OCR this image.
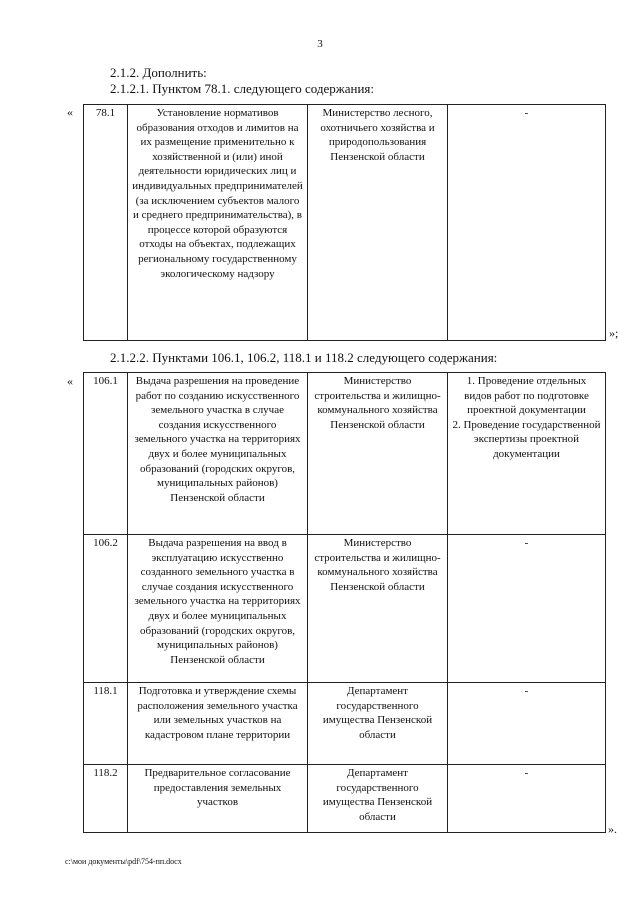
3
2.1.2. Дополнить:
2.1.2.1. Пунктом 78.1. следующего содержания:
« 78.1	Установление нормативов образования отходов и лимитов на их размещение применительно к хозяйственной и (или) иной деятельности юридических лиц и индивидуальных предпринимателей
(за исключением субъектов малого и среднего предпринимательства), в процессе которой образуются отходы на объектах, подлежащих региональному государственному экологическому надзору
	Министерство лесного, охотничьего хозяйства и природопользования Пензенской области	-
»;
2.1.2.2. Пунктами 106.1, 106.2, 118.1 и 118.2 следующего содержания:
« 106.1	Выдача разрешения на проведение работ по созданию искусственного земельного участка в случае создания искусственного земельного участка на территориях двух и более муниципальных образований (городских округов, муниципальных районов) Пензенской области	Министерство строительства и жилищно-коммунального хозяйства Пензенской области	1. Проведение отдельных видов работ по подготовке проектной документации
2. Проведение государственной экспертизы проектной документации

106.2	Выдача разрешения на ввод в эксплуатацию искусственно созданного земельного участка в случае создания искусственного земельного участка на территориях двух и более муниципальных образований (городских округов, муниципальных районов) Пензенской области	Министерство строительства и жилищно-коммунального хозяйства Пензенской области	-
118.1	Подготовка и утверждение схемы расположения земельного участка или земельных участков на кадастровом плане территории	Департамент государственного имущества Пензенской области	-
118.2	Предварительное согласование предоставления земельных участков	Департамент государственного имущества Пензенской области	-
».
c:\мои документы\pdf\754-пп.docx
